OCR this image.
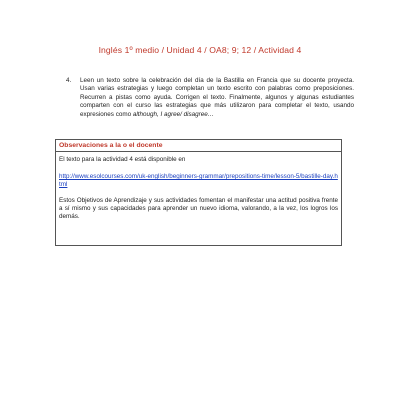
Inglés 1º medio / Unidad 4 / OA8; 9; 12 / Actividad 4
4. Leen un texto sobre la celebración del día de la Bastilla en Francia que su docente proyecta. Usan varias estrategias y luego completan un texto escrito con palabras como preposiciones. Recurren a pistas como ayuda. Corrigen el texto. Finalmente, algunos y algunas estudiantes comparten con el curso las estrategias que más utilizaron para completar el texto, usando expresiones como although, I agree/ disagree…
Observaciones a la o el docente
El texto para la actividad 4 está disponible en
http://www.esolcourses.com/uk-english/beginners-grammar/prepositions-time/lesson-5/bastille-day.html
Estos Objetivos de Aprendizaje y sus actividades fomentan el manifestar una actitud positiva frente a sí mismo y sus capacidades para aprender un nuevo idioma, valorando, a la vez, los logros los demás.
